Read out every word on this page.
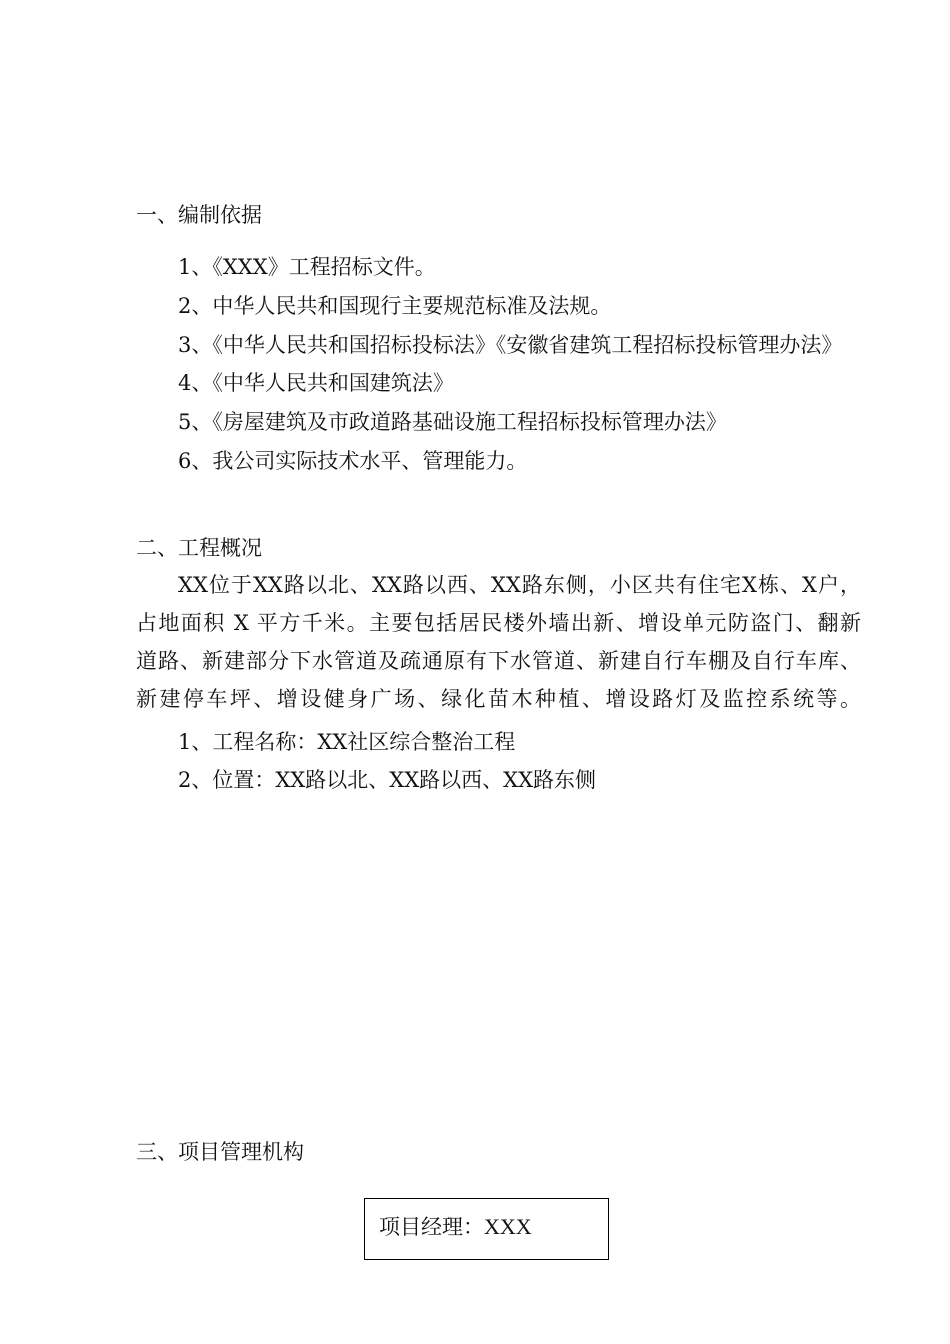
一、编制依据
1、《XXX》工程招标文件。
2、中华人民共和国现行主要规范标准及法规。
3、《中华人民共和国招标投标法》《安徽省建筑工程招标投标管理办法》
4、《中华人民共和国建筑法》
5、《房屋建筑及市政道路基础设施工程招标投标管理办法》
6、我公司实际技术水平、管理能力。
二、工程概况
XX位于XX路以北、XX路以西、XX路东侧，小区共有住宅X栋、X户，
占地面积 X 平方千米。主要包括居民楼外墙出新、增设单元防盗门、翻新
道路、新建部分下水管道及疏通原有下水管道、新建自行车棚及自行车库、
新建停车坪、增设健身广场、绿化苗木种植、增设路灯及监控系统等。
1、工程名称：XX社区综合整治工程
2、位置：XX路以北、XX路以西、XX路东侧
三、项目管理机构
项目经理：XXX
